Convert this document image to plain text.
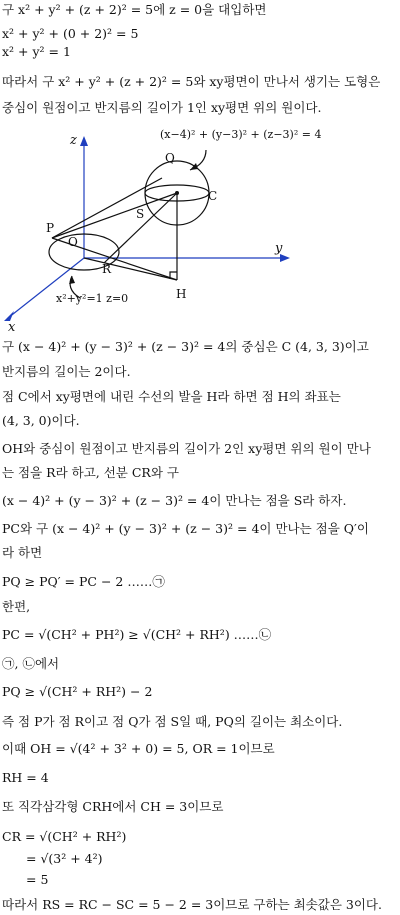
구 x² + y² + (z + 2)² = 5에 z = 0을 대입하면
x² + y² + (0 + 2)² = 5
x² + y² = 1
따라서 구 x² + y² + (z + 2)² = 5와 xy평면이 만나서 생기는 도형은
중심이 원점이고 반지름의 길이가 1인 xy평면 위의 원이다.
z
y
x
O
P
R
Q
S
C
H
(x−4)² + (y−3)² + (z−3)² = 4
x²+y²=1 z=0
구 (x − 4)² + (y − 3)² + (z − 3)² = 4의 중심은 C (4, 3, 3)이고
반지름의 길이는 2이다.
점 C에서 xy평면에 내린 수선의 발을 H라 하면 점 H의 좌표는
(4, 3, 0)이다.
OH와 중심이 원점이고 반지름의 길이가 2인 xy평면 위의 원이 만나
는 점을 R라 하고, 선분 CR와 구
(x − 4)² + (y − 3)² + (z − 3)² = 4이 만나는 점을 S라 하자.
PC와 구 (x − 4)² + (y − 3)² + (z − 3)² = 4이 만나는 점을 Q′이
라 하면
PQ ≥ PQ′ = PC − 2 ……㉠
한편,
PC = √(CH² + PH²) ≥ √(CH² + RH²) ……㉡
㉠, ㉡에서
PQ ≥ √(CH² + RH²) − 2
즉 점 P가 점 R이고 점 Q가 점 S일 때, PQ의 길이는 최소이다.
이때 OH = √(4² + 3² + 0) = 5, OR = 1이므로
RH = 4
또 직각삼각형 CRH에서 CH = 3이므로
CR = √(CH² + RH²)
= √(3² + 4²)
= 5
따라서 RS = RC − SC = 5 − 2 = 3이므로 구하는 최솟값은 3이다.
